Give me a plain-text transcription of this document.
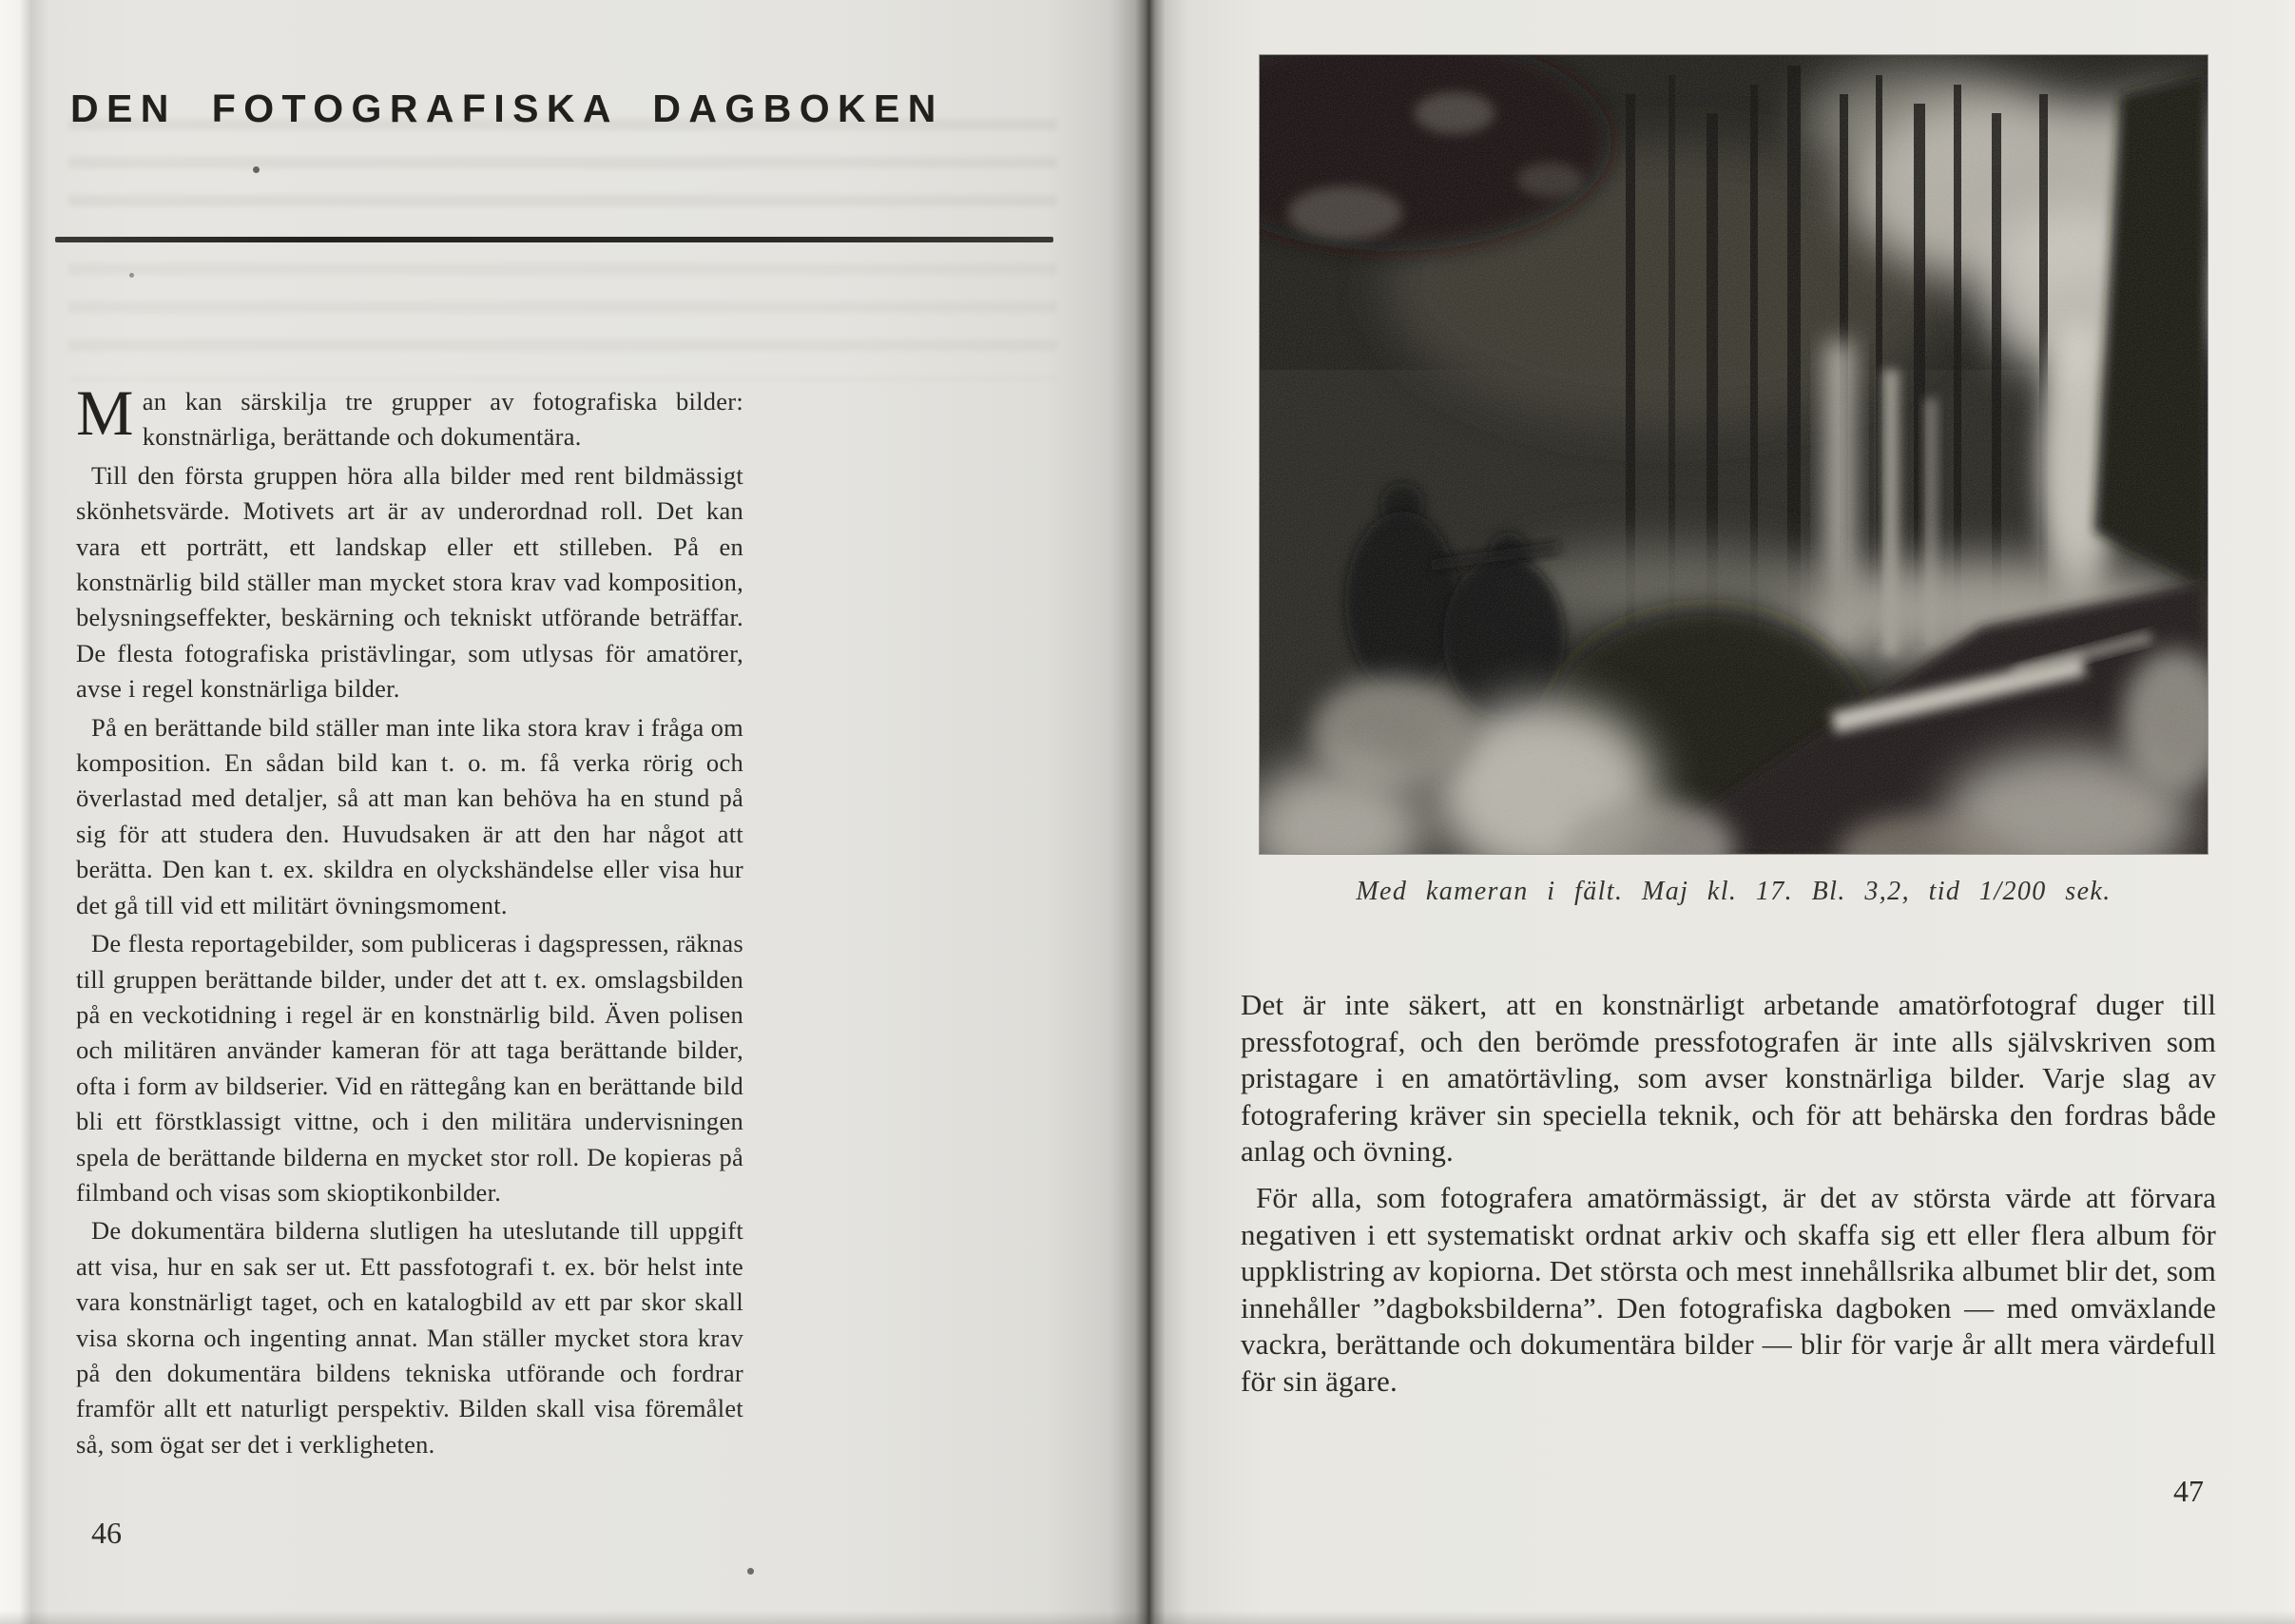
DEN FOTOGRAFISKA DAGBOKEN

Man kan särskilja tre grupper av fotografiska bilder: konstnärliga, berättande och dokumentära.

Till den första gruppen höra alla bilder med rent bildmässigt skönhetsvärde. Motivets art är av underordnad roll. Det kan vara ett porträtt, ett landskap eller ett stilleben. På en konstnärlig bild ställer man mycket stora krav vad komposition, belysningseffekter, beskärning och tekniskt utförande beträffar. De flesta fotografiska pristävlingar, som utlysas för amatörer, avse i regel konstnärliga bilder.

På en berättande bild ställer man inte lika stora krav i fråga om komposition. En sådan bild kan t. o. m. få verka rörig och överlastad med detaljer, så att man kan behöva ha en stund på sig för att studera den. Huvudsaken är att den har något att berätta. Den kan t. ex. skildra en olyckshändelse eller visa hur det gå till vid ett militärt övningsmoment.

De flesta reportagebilder, som publiceras i dagspressen, räknas till gruppen berättande bilder, under det att t. ex. omslagsbilden på en veckotidning i regel är en konstnärlig bild. Även polisen och militären använder kameran för att taga berättande bilder, ofta i form av bildserier. Vid en rättegång kan en berättande bild bli ett förstklassigt vittne, och i den militära undervisningen spela de berättande bilderna en mycket stor roll. De kopieras på filmband och visas som skioptikonbilder.

De dokumentära bilderna slutligen ha uteslutande till uppgift att visa, hur en sak ser ut. Ett passfotografi t. ex. bör helst inte vara konstnärligt taget, och en katalogbild av ett par skor skall visa skorna och ingenting annat. Man ställer mycket stora krav på den dokumentära bildens tekniska utförande och fordrar framför allt ett naturligt perspektiv. Bilden skall visa föremålet så, som ögat ser det i verkligheten.

46
47
Med kameran i fält. Maj kl. 17. Bl. 3,2, tid 1/200 sek.

Det är inte säkert, att en konstnärligt arbetande amatörfotograf duger till pressfotograf, och den berömde pressfotografen är inte alls självskriven som pristagare i en amatörtävling, som avser konstnärliga bilder. Varje slag av fotografering kräver sin speciella teknik, och för att behärska den fordras både anlag och övning.

För alla, som fotografera amatörmässigt, är det av största värde att förvara negativen i ett systematiskt ordnat arkiv och skaffa sig ett eller flera album för uppklistring av kopiorna. Det största och mest innehållsrika albumet blir det, som innehåller ”dagboksbilderna”. Den fotografiska dagboken — med omväxlande vackra, berättande och dokumentära bilder — blir för varje år allt mera värdefull för sin ägare.
